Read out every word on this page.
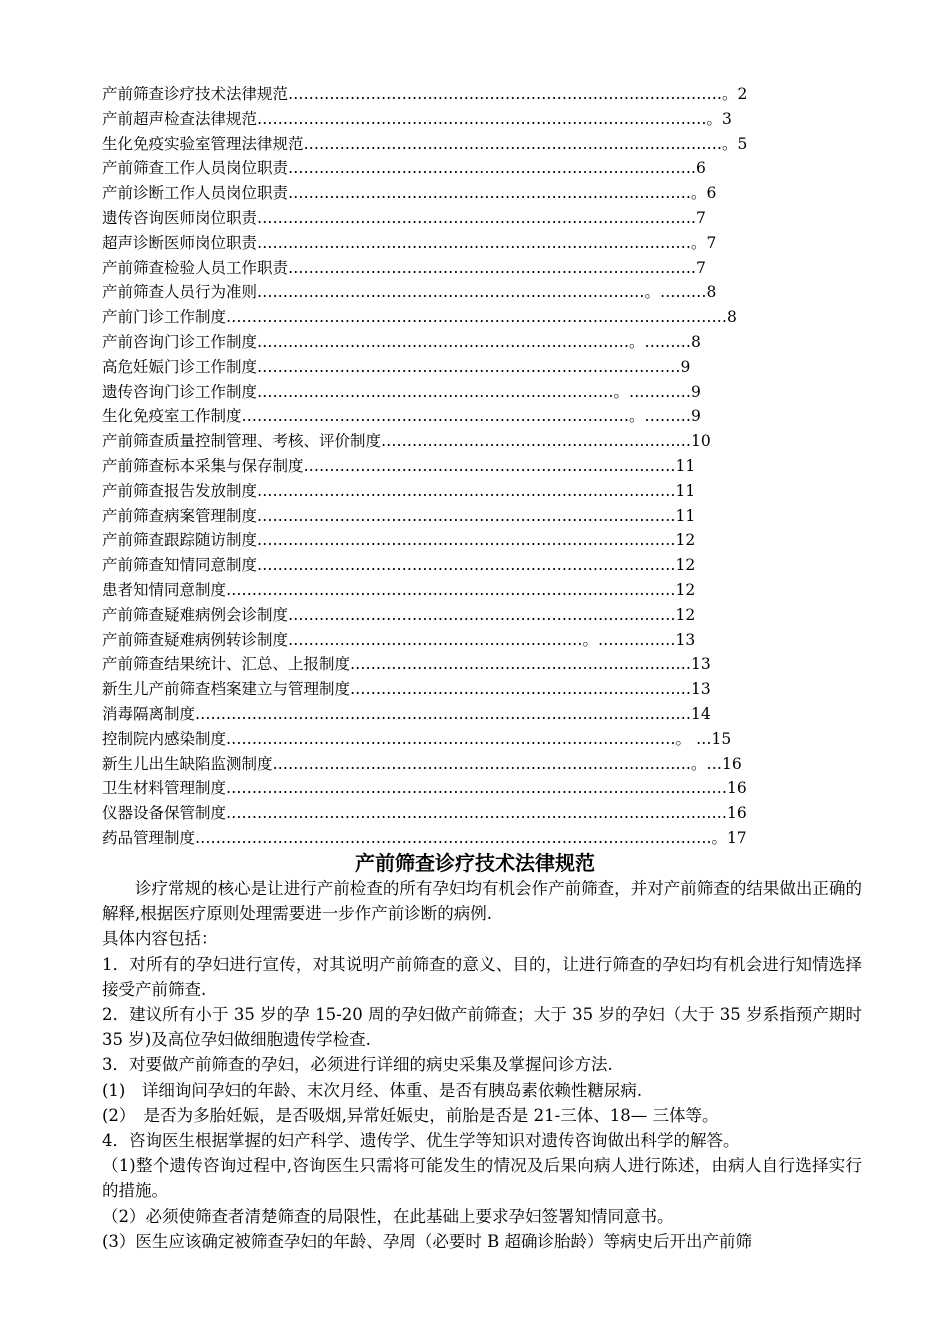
产前筛查诊疗技术法律规范…………………………………………………………………………。2
产前超声检查法律规范……………………………………………………………………………。3
生化免疫实验室管理法律规范………………………………………………………………………。5
产前筛查工作人员岗位职责…………………………………………………………………….6
产前诊断工作人员岗位职责……………………………………………………………………。6
遗传咨询医师岗位职责………………………………………………………………………….7
超声诊断医师岗位职责…………………………………………………………………………。7
产前筛查检验人员工作职责…………………………………………………………………….7
产前筛查人员行为准则…………………………………………………………………。………8
产前门诊工作制度……………………………………………………………………………….……8
产前咨询门诊工作制度………………………………………………………………。………8
高危妊娠门诊工作制度…………………………………………………………….…………9
遗传咨询门诊工作制度……………………………………………………………。…………9
生化免疫室工作制度…………………………………………………………………。………9
产前筛查质量控制管理、考核、评价制度……………………………………………………10
产前筛查标本采集与保存制度………………………………………………………………11
产前筛查报告发放制度………………………………………………………………………11
产前筛查病案管理制度………………………………………………………………………11
产前筛查跟踪随访制度………………………………………………………………………12
产前筛查知情同意制度………………………………………………………………………12
患者知情同意制度……………………………………………………………………………12
产前筛查疑难病例会诊制度…………………………………………………………………12
产前筛查疑难病例转诊制度…………………………………………………。……………13
产前筛查结果统计、汇总、上报制度…………………………………………………………13
新生儿产前筛查档案建立与管理制度…………………………………………………………13
消毒隔离制度……………………………………………………………………………………14
控制院内感染制度……………………………………………………………………………。 …15
新生儿出生缺陷监测制度………………………………………………………………………。…16
卫生材料管理制度…………………………………………………………………………….………16
仪器设备保管制度…………………………………………………………………………….………16
药品管理制度……………………………………………………………………………………….。17
产前筛查诊疗技术法律规范

诊疗常规的核心是让进行产前检查的所有孕妇均有机会作产前筛查，并对产前筛查的结果做出正确的解释,根据医疗原则处理需要进一步作产前诊断的病例.

具体内容包括：

1．对所有的孕妇进行宣传，对其说明产前筛查的意义、目的，让进行筛查的孕妇均有机会进行知情选择接受产前筛查.

2．建议所有小于 35 岁的孕 15-20 周的孕妇做产前筛查；大于 35 岁的孕妇（大于 35 岁系指预产期时 35 岁)及高位孕妇做细胞遗传学检查.

3．对要做产前筛查的孕妇，必须进行详细的病史采集及掌握问诊方法.

(1)　详细询问孕妇的年龄、末次月经、体重、是否有胰岛素依赖性糖尿病.

(2）　是否为多胎妊娠，是否吸烟,异常妊娠史，前胎是否是 21-三体、18— 三体等。

4．咨询医生根据掌握的妇产科学、遗传学、优生学等知识对遗传咨询做出科学的解答。

（1)整个遗传咨询过程中,咨询医生只需将可能发生的情况及后果向病人进行陈述，由病人自行选择实行的措施。

（2）必须使筛查者清楚筛查的局限性，在此基础上要求孕妇签署知情同意书。

(3）医生应该确定被筛查孕妇的年龄、孕周（必要时 B 超确诊胎龄）等病史后开出产前筛
